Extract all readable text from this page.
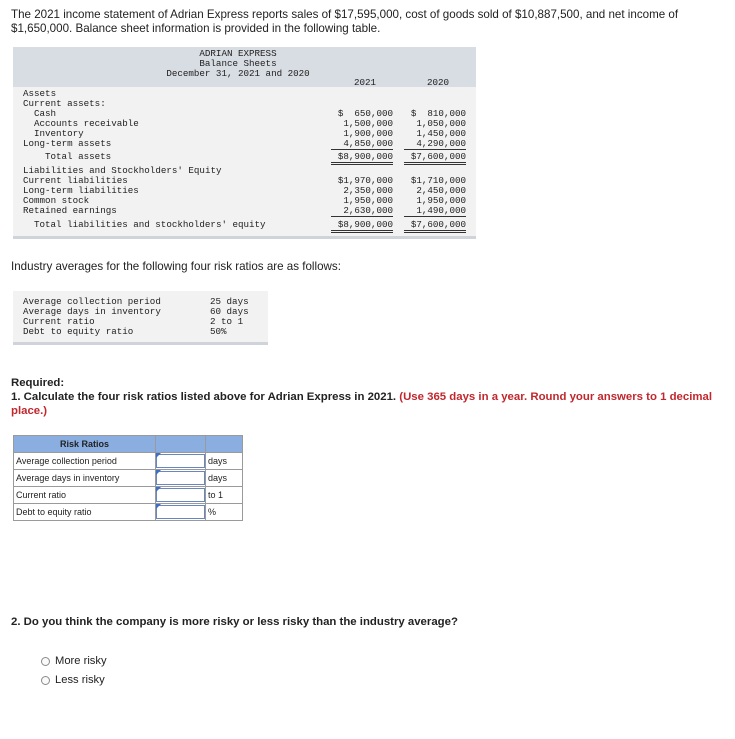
The 2021 income statement of Adrian Express reports sales of $17,595,000, cost of goods sold of $10,887,500, and net income of $1,650,000. Balance sheet information is provided in the following table.
ADRIAN EXPRESS
Balance Sheets
December 31, 2021 and 2020
2021	2020
Assets
Current assets:
Cash	$  650,000	$  810,000
Accounts receivable	1,500,000	1,050,000
Inventory	1,900,000	1,450,000
Long-term assets	4,850,000	4,290,000
Total assets	$8,900,000	$7,600,000
Liabilities and Stockholders' Equity
Current liabilities	$1,970,000	$1,710,000
Long-term liabilities	2,350,000	2,450,000
Common stock	1,950,000	1,950,000
Retained earnings	2,630,000	1,490,000
Total liabilities and stockholders' equity	$8,900,000	$7,600,000
Industry averages for the following four risk ratios are as follows:
Average collection period	25 days
Average days in inventory	60 days
Current ratio	2 to 1
Debt to equity ratio	50%
Required:
1. Calculate the four risk ratios listed above for Adrian Express in 2021. (Use 365 days in a year. Round your answers to 1 decimal place.)
Risk Ratios		
Average collection period		days
Average days in inventory		days
Current ratio		to 1
Debt to equity ratio		%
2. Do you think the company is more risky or less risky than the industry average?
More risky
Less risky
